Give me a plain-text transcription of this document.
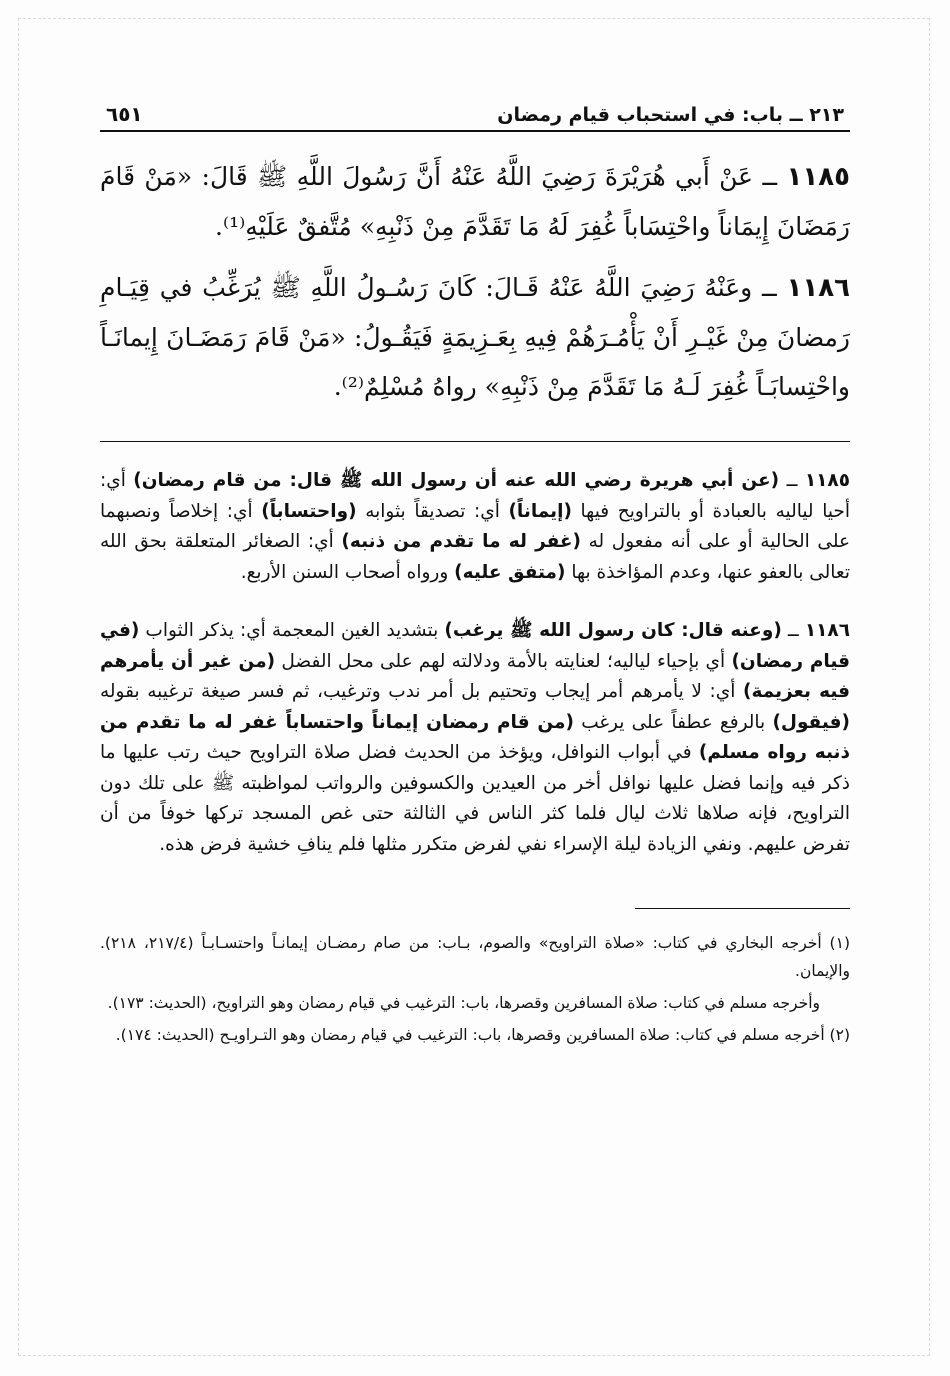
٢١٣ ــ باب: في استحباب قيام رمضان
٦٥١

١١٨٥ ــ عَنْ أَبي هُرَيْرَةَ رَضِيَ اللَّهُ عَنْهُ أَنَّ رَسُولَ اللَّهِ ﷺ قَالَ: «مَنْ قَامَ رَمَضَانَ إِيمَاناً واحْتِسَاباً غُفِرَ لَهُ مَا تَقَدَّمَ مِنْ ذَنْبِهِ» مُتَّفقٌ عَلَيْهِ⁽¹⁾.

١١٨٦ ــ وعَنْهُ رَضِيَ اللَّهُ عَنْهُ قَـالَ: كَانَ رَسُـولُ اللَّهِ ﷺ يُرَغِّبُ في قِيَـامِ رَمضانَ مِنْ غَيْـرِ أَنْ يَأْمُـرَهُمْ فِيهِ بِعَـزِيمَةٍ فَيَقُـولُ: «مَنْ قَامَ رَمَضَـانَ إِيمانَـاً واحْتِسابَـاً غُفِرَ لَـهُ مَا تَقَدَّمَ مِنْ ذَنْبِهِ» رواهُ مُسْلِمٌ⁽²⁾.

١١٨٥ ــ (عن أبي هريرة رضي الله عنه أن رسول الله ﷺ قال: من قام رمضان) أي: أحيا لياليه بالعبادة أو بالتراويح فيها (إيماناً) أي: تصديقاً بثوابه (واحتساباً) أي: إخلاصاً ونصبهما على الحالية أو على أنه مفعول له (غفر له ما تقدم من ذنبه) أي: الصغائر المتعلقة بحق الله تعالى بالعفو عنها، وعدم المؤاخذة بها (متفق عليه) ورواه أصحاب السنن الأربع.

١١٨٦ ــ (وعنه قال: كان رسول الله ﷺ يرغب) بتشديد الغين المعجمة أي: يذكر الثواب (في قيام رمضان) أي بإحياء لياليه؛ لعنايته بالأمة ودلالته لهم على محل الفضل (من غير أن يأمرهم فيه بعزيمة) أي: لا يأمرهم أمر إيجاب وتحتيم بل أمر ندب وترغيب، ثم فسر صيغة ترغيبه بقوله (فيقول) بالرفع عطفاً على يرغب (من قام رمضان إيماناً واحتساباً غفر له ما تقدم من ذنبه رواه مسلم) في أبواب النوافل، ويؤخذ من الحديث فضل صلاة التراويح حيث رتب عليها ما ذكر فيه وإنما فضل عليها نوافل أخر من العيدين والكسوفين والرواتب لمواظبته ﷺ على تلك دون التراويح، فإنه صلاها ثلاث ليال فلما كثر الناس في الثالثة حتى غص المسجد تركها خوفاً من أن تفرض عليهم. ونفي الزيادة ليلة الإسراء نفي لفرض متكرر مثلها فلم ينافِ خشية فرض هذه.

(١) أخرجه البخاري في كتاب: «صلاة التراويح» والصوم، بـاب: من صام رمضـان إيمانـاً واحتسـابـاً (٢١٧/٤، ٢١٨). والإيمان.

وأخرجه مسلم في كتاب: صلاة المسافرين وقصرها، باب: الترغيب في قيام رمضان وهو التراويح، (الحديث: ١٧٣).

(٢) أخرجه مسلم في كتاب: صلاة المسافرين وقصرها، باب: الترغيب في قيام رمضان وهو التـراويـح (الحديث: ١٧٤).
